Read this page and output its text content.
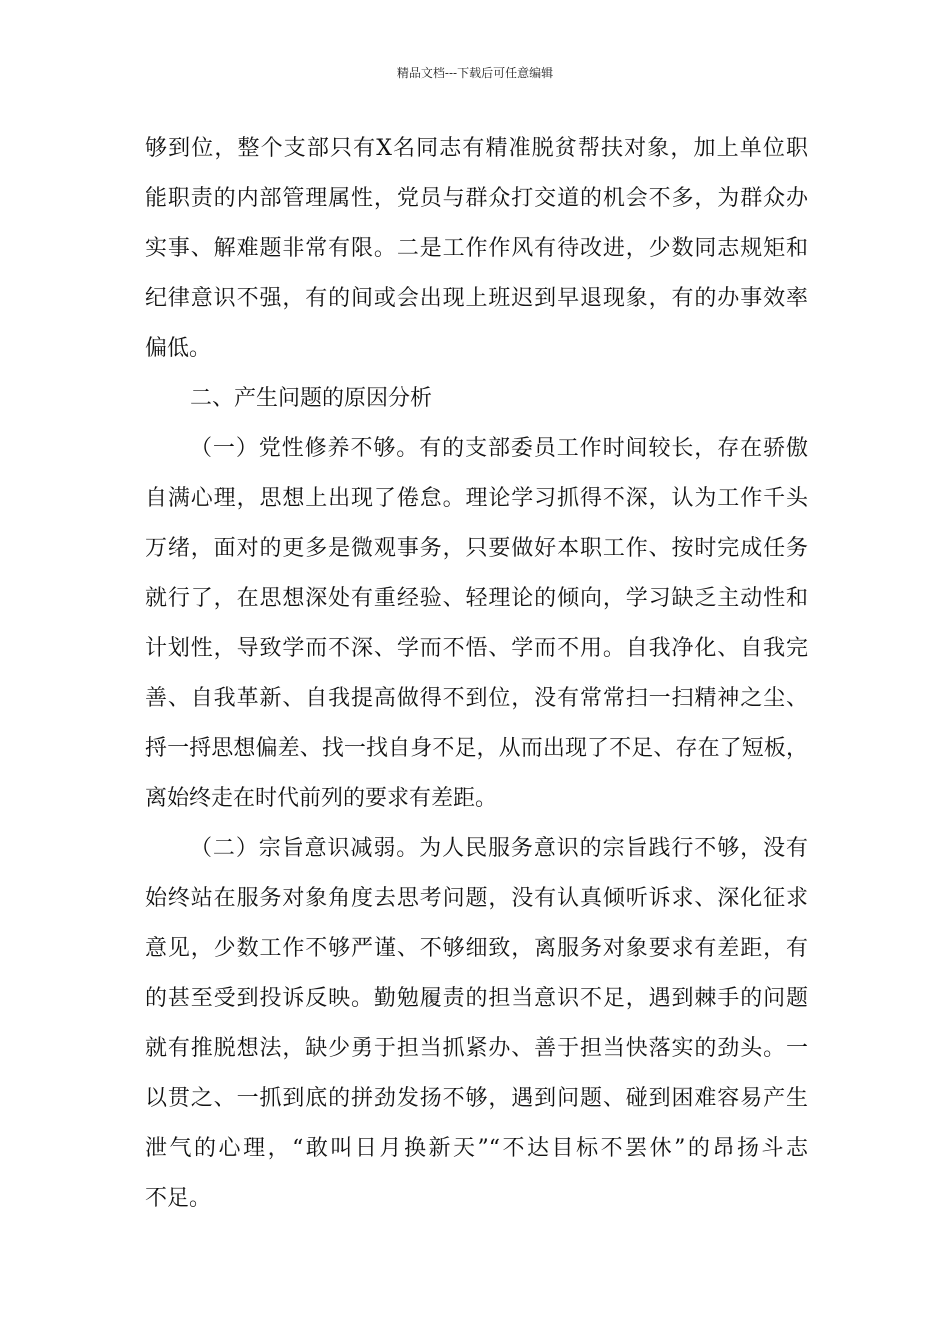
精品文档---下载后可任意编辑
够到位，整个支部只有X名同志有精准脱贫帮扶对象，加上单位职
能职责的内部管理属性，党员与群众打交道的机会不多，为群众办
实事、解难题非常有限。二是工作作风有待改进，少数同志规矩和
纪律意识不强，有的间或会出现上班迟到早退现象，有的办事效率
偏低。
二、产生问题的原因分析
（一）党性修养不够。有的支部委员工作时间较长，存在骄傲
自满心理，思想上出现了倦怠。理论学习抓得不深，认为工作千头
万绪，面对的更多是微观事务，只要做好本职工作、按时完成任务
就行了，在思想深处有重经验、轻理论的倾向，学习缺乏主动性和
计划性，导致学而不深、学而不悟、学而不用。自我净化、自我完
善、自我革新、自我提高做得不到位，没有常常扫一扫精神之尘、
捋一捋思想偏差、找一找自身不足，从而出现了不足、存在了短板，
离始终走在时代前列的要求有差距。
（二）宗旨意识减弱。为人民服务意识的宗旨践行不够，没有
始终站在服务对象角度去思考问题，没有认真倾听诉求、深化征求
意见，少数工作不够严谨、不够细致，离服务对象要求有差距，有
的甚至受到投诉反映。勤勉履责的担当意识不足，遇到棘手的问题
就有推脱想法，缺少勇于担当抓紧办、善于担当快落实的劲头。一
以贯之、一抓到底的拼劲发扬不够，遇到问题、碰到困难容易产生
泄气的心理，“敢叫日月换新天”“不达目标不罢休”的昂扬斗志
不足。
